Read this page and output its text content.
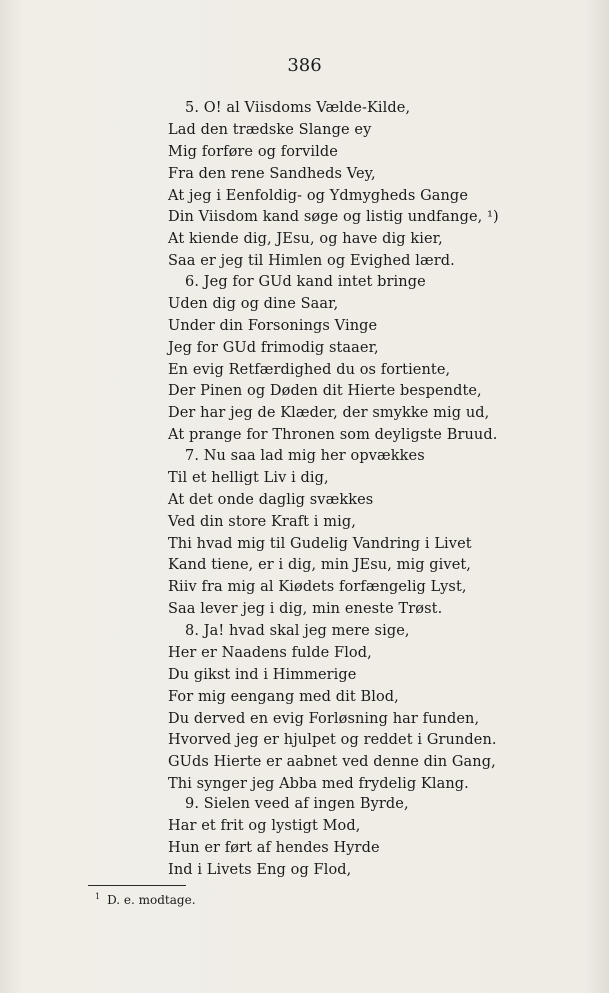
386
5. O! al Viisdoms Vælde-Kilde,
Lad den trædske Slange ey
Mig forføre og forvilde
Fra den rene Sandheds Vey,
At jeg i Eenfoldig- og Ydmygheds Gange
Din Viisdom kand søge og listig undfange, ¹)
At kiende dig, JEsu, og have dig kier,
Saa er jeg til Himlen og Evighed lærd.
6. Jeg for GUd kand intet bringe
Uden dig og dine Saar,
Under din Forsonings Vinge
Jeg for GUd frimodig staaer,
En evig Retfærdighed du os fortiente,
Der Pinen og Døden dit Hierte bespendte,
Der har jeg de Klæder, der smykke mig ud,
At prange for Thronen som deyligste Bruud.
7. Nu saa lad mig her opvækkes
Til et helligt Liv i dig,
At det onde daglig svækkes
Ved din store Kraft i mig,
Thi hvad mig til Gudelig Vandring i Livet
Kand tiene, er i dig, min JEsu, mig givet,
Riiv fra mig al Kiødets forfængelig Lyst,
Saa lever jeg i dig, min eneste Trøst.
8. Ja! hvad skal jeg mere sige,
Her er Naadens fulde Flod,
Du gikst ind i Himmerige
For mig eengang med dit Blod,
Du derved en evig Forløsning har funden,
Hvorved jeg er hjulpet og reddet i Grunden.
GUds Hierte er aabnet ved denne din Gang,
Thi synger jeg Abba med frydelig Klang.
9. Sielen veed af ingen Byrde,
Har et frit og lystigt Mod,
Hun er ført af hendes Hyrde
Ind i Livets Eng og Flod,
$^1$ D. e. modtage.
